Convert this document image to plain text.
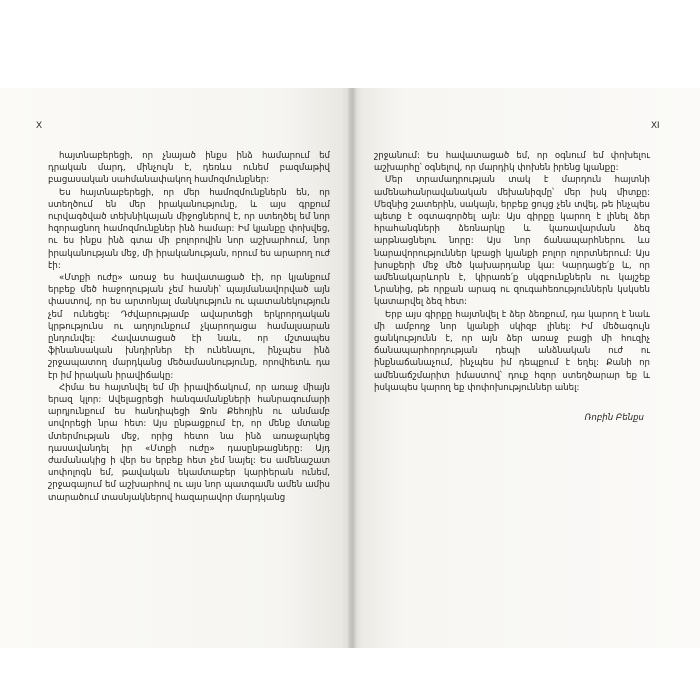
X	XI

հայտնաբերեցի, որ չնայած ինքս ինձ համարում եմ դրական մարդ, մինչույն է, դեռևս ունեմ բազմաթիվ բացասական սահմանափակող համոզմունքներ:

Ես հայտնաբերեցի, որ մեր համոզմունքներն են, որ ստեղծում են մեր իրականությունը, և այս գրքում ուրվագծված տեխնիկայան միջոցներով է, որ ստեղծել եմ նոր հզորացնող համոզմունքներ ինձ համար: Իմ կյանքը փոխվեց, ու ես ինքս ինձ գտա մի բոլորովին նոր աշխարհում, նոր իրականության մեջ, մի իրականության, որում ես արարող ուժ էի:

«Մտքի ուժը» առաջ ես հավատացած էի, որ կյանքում երբեք մեծ հաջողության չեմ հասնի՝ պայմանավորված այն փաստով, որ ես արտոնյալ մանկություն ու պատանեկություն չեմ ունեցել: Դժվարությամբ ավարտեցի երկրորդական կրթությունս ու աղոյունքում չկարողացա համալսարան ընդունվել: Հավատացած էի նաև, որ մշտապես ֆինանսական խնդիրներ էի ունենալու, ինչպես ինձ շրջապատող մարդկանց մեծամասնությունը, որովհետև դա էր իմ իրական իրավիճակը:

Հիմա ես հայտնվել եմ մի իրավիճակում, որ առաջ միայն երազ կլոր: Ավելացրեցի հանգամանքների հանրագումարի արդյունքում ես հանդիպեցի Ջոն Քեհոյին ու անմամբ սովորեցի նրա հետ: Այս ընթացքում էր, որ մենք մտանք մտերմության մեջ, որից հետո նա ինձ առաջարկեց դասավանդել իր «Մտքի ուժը» դասընթացները: Այդ ժամանակից ի վեր ես երբեք հետ չեմ նայել: Ես ամենաշատ սոփոլոգն եմ, թավական եկամտաբեր կարիերան ունեմ, շրջագայում եմ աշխարհով ու այս նոր պատգամն ամեն ամիս տարածում տասնյակներով հազարավոր մարդկանց

շրջանում: Ես հավատացած եմ, որ օգնում եմ փոխելու աշխարհը՝ օգնելով, որ մարդիկ փոխեն իրենց կյանքը:

Մեր տրամադրության տակ է մարդուն հայտնի ամենահանրավանական մեխանիզմը՝ մեր իսկ միտքը: Մեզնից շատերին, սակայն, երբեք ցույց չեն տվել, թե ինչպես պետք է օգտագործել այն: Այս գիրքը կարող է լինել ձեր հրահանգների ձեռնարկը և կառավարման ձեզ արթնացնելու նորը: Այս նոր ճանապարհներու ևս նարավորություններ կբացի կյանքի բոլոր ոլորտներում: Այս խոսքերի մեջ մեծ կախարդանք կա: Կարդացե՛ք և, որ ամենակարևորն է, կիրառե՛ք սկզբունքներն ու կայշեք Նրանից, թե որքան արագ ու զուգահեռություններն կսկսեն կատարվել ձեզ հետ:

Երբ այս գիրքը հայտնվել է ձեր ձեռքում, դա կարող է նաև մի ամբողջ նոր կյանքի սկիզբ լինել: Իմ մեծագույն ցանկությունն է, որ այն ձեր առաջ բացի մի հուզիչ ճանապարհորդության դեպի անձնական ուժ ու ինքնաճանաչում, ինչպես իմ դեպքում է եղել: Քանի որ ամենաճշմարիտ իմաստով՝ դուք հզոր ստեղծարար եք և իսկապես կարող եք փոփոխություններ անել:

Ռոբին Բենքս
